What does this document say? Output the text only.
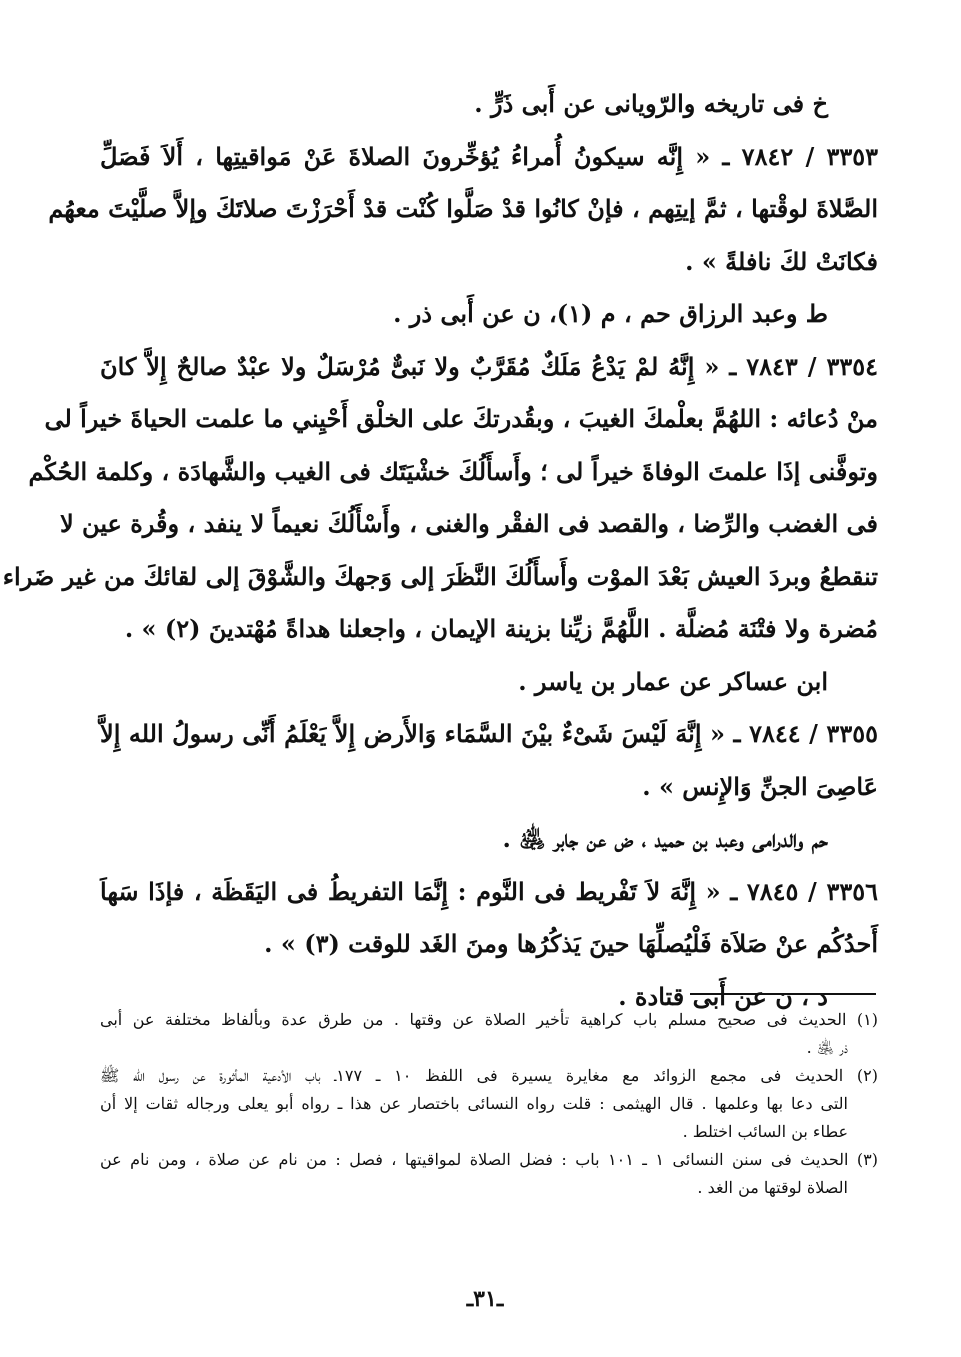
خ فى تاريخه والرّويانى عن أَبى ذَرٍّ .
٣٣٥٣ / ٧٨٤٢ ـ « إِنَّه سيكونُ أُمراءُ يُؤخِّرونَ الصلاةَ عَنْ مَواقيتِها ، أَلاَ فَصَلِّ
الصَّلاةَ لوقْتها ، ثمَّ إيتِهم ، فإنْ كانُوا قدْ صَلَّوا كُنْت قدْ أَحْرَزْتَ صلاتَكَ وإلاَّ صلَّيْتَ معهُم
فكانَتْ لكَ نافلةً » .
ط وعبد الرزاق حم ، م (١)، ن عن أَبى ذر .
٣٣٥٤ / ٧٨٤٣ ـ « إِنَّهُ لمْ يَدْعُ مَلَكٌ مُقَرَّبٌ ولا نَبىٌّ مُرْسَلٌ ولا عبْدٌ صالحٌ إِلاَّ كانَ
منْ دُعائه : اللهُمَّ بعلْمكَ الغيبَ ، وبقُدرتكَ على الخلْق أَحْيِني ما علمت الحياةَ خيراً لى
وتوفَّنى إذَا علمتَ الوفاةَ خيراً لى ؛ وأَسأَلُكَ خشْيَتَك فى الغيب والشَّهادَة ، وكلمة الحُكْم
فى الغضب والرِّضا ، والقصد فى الفقْر والغنى ، وأَسْأَلُكَ نعيماً لا ينفد ، وقُرة عين لا
تنقطعُ وبردَ العيش بَعْدَ الموْت وأَسأَلُكَ النَّظَرَ إلى وَجهكَ والشَّوْقَ إلى لقائكَ من غير ضَراء
مُضرة ولا فتْنَة مُضلَّة . اللَّهُمَّ زيِّنا بزينة الإيمان ، واجعلنا هداةً مُهْتدينَ (٢) » .
ابن عساكر عن عمار بن ياسر .
٣٣٥٥ / ٧٨٤٤ ـ « إِنَّهَ لَيْسَ شَىْءٌ بيْنَ السَّمَاء وَالأَرض إِلاَّ يَعْلَمُ أَنِّى رسولُ الله إِلاَّ
عَاصِىَ الجنِّ وَالإِنس » .
حم والدرامى وعبد بن حميد ، ض عن جابر ﵁ .
٣٣٥٦ / ٧٨٤٥ ـ « إِنَّهَ لاَ تَفْريط فى النَّوم : إِنَّمَا التفريطُ فى اليَقَظَة ، فإذَا سَهاَ
أَحدُكُم عنْ صَلاَة فَلْيُصلِّهَا حينَ يَذكُرُها ومنَ الغَد للوقت (٣) » .
د ، ن عن أَبى قتادة .
(١) الحديث فى صحيح مسلم باب كراهية تأخير الصلاة عن وقتها . من طرق عدة وبألفاظ مختلفة عن أبى
ذر ﵁ .
(٢) الحديث فى مجمع الزوائد مع مغايرة يسيرة فى اللفظ ١٠ ـ ١٧٧ـ باب الأدعية المأثورة عن رسول الله ﷺ
التى دعا بها وعلمها . قال الهيثمى : قلت رواه النسائى باختصار عن هذا ـ رواه أبو يعلى ورجاله ثقات إلا أن
عطاء بن السائب اختلط .
(٣) الحديث فى سنن النسائى ١ ـ ١٠١ باب : فضل الصلاة لمواقيتها ، فصل : من نام عن صلاة ، ومن نام عن
الصلاة لوقتها من الغد .
ـ٣١ـ
